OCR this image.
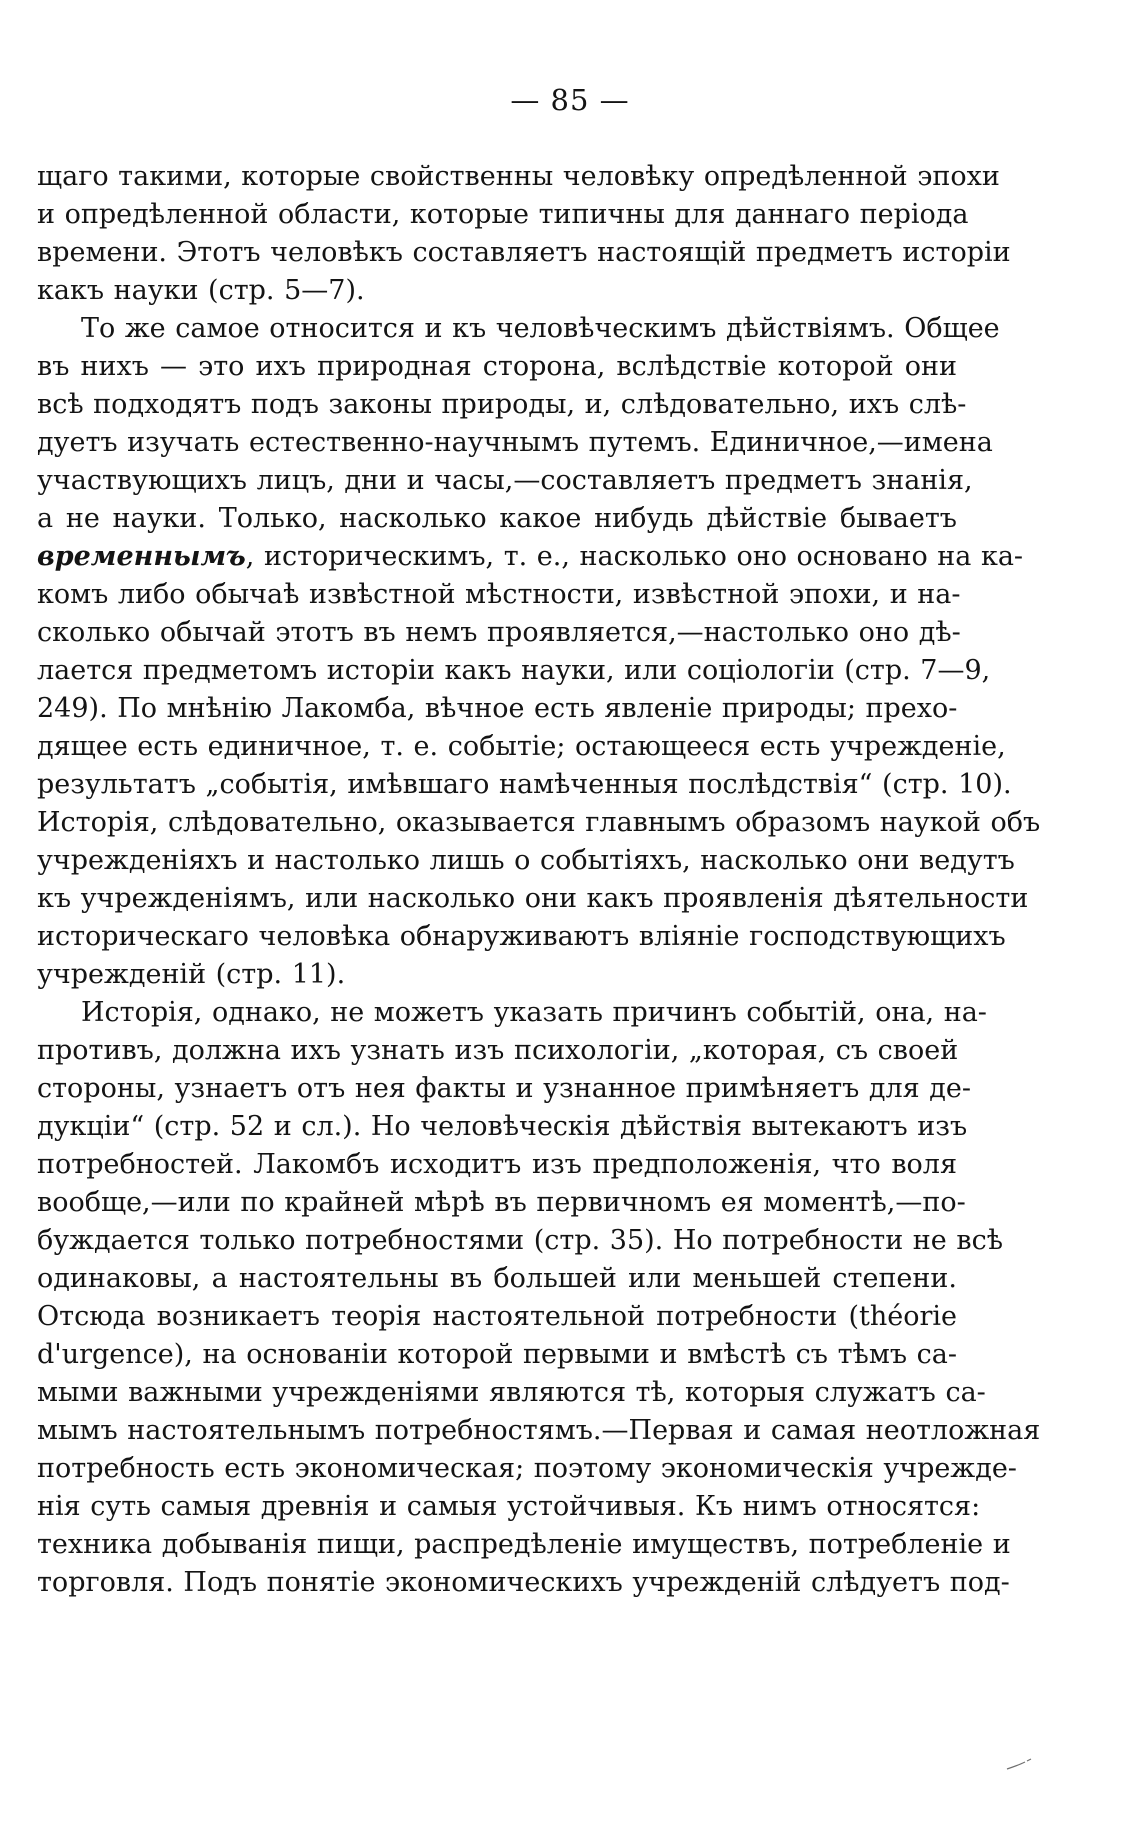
— 85 —
щаго такими, которые свойственны человѣку опредѣленной эпохи
и опредѣленной области, которые типичны для даннаго періода
времени. Этотъ человѣкъ составляетъ настоящій предметъ исторіи
какъ науки (стр. 5—7).
То же самое относится и къ человѣческимъ дѣйствіямъ. Общее
въ нихъ — это ихъ природная сторона, вслѣдствіе которой они
всѣ подходятъ подъ законы природы, и, слѣдовательно, ихъ слѣ-
дуетъ изучать естественно-научнымъ путемъ. Единичное,—имена
участвующихъ лицъ, дни и часы,—составляетъ предметъ знанія,
а не науки. Только, насколько какое нибудь дѣйствіе бываетъ
временнымъ, историческимъ, т. е., насколько оно основано на ка-
комъ либо обычаѣ извѣстной мѣстности, извѣстной эпохи, и на-
сколько обычай этотъ въ немъ проявляется,—настолько оно дѣ-
лается предметомъ исторіи какъ науки, или соціологіи (стр. 7—9,
249). По мнѣнію Лакомба, вѣчное есть явленіе природы; прехо-
дящее есть единичное, т. е. событіе; остающееся есть учрежденіе,
результатъ „событія, имѣвшаго намѣченныя послѣдствія“ (стр. 10).
Исторія, слѣдовательно, оказывается главнымъ образомъ наукой объ
учрежденіяхъ и настолько лишь о событіяхъ, насколько они ведутъ
къ учрежденіямъ, или насколько они какъ проявленія дѣятельности
историческаго человѣка обнаруживаютъ вліяніе господствующихъ
учрежденій (стр. 11).
Исторія, однако, не можетъ указать причинъ событій, она, на-
противъ, должна ихъ узнать изъ психологіи, „которая, съ своей
стороны, узнаетъ отъ нея факты и узнанное примѣняетъ для де-
дукціи“ (стр. 52 и сл.). Но человѣческія дѣйствія вытекаютъ изъ
потребностей. Лакомбъ исходитъ изъ предположенія, что воля
вообще,—или по крайней мѣрѣ въ первичномъ ея моментѣ,—по-
буждается только потребностями (стр. 35). Но потребности не всѣ
одинаковы, а настоятельны въ большей или меньшей степени.
Отсюда возникаетъ теорія настоятельной потребности (théorie
d'urgence), на основаніи которой первыми и вмѣстѣ съ тѣмъ са-
мыми важными учрежденіями являются тѣ, которыя служатъ са-
мымъ настоятельнымъ потребностямъ.—Первая и самая неотложная
потребность есть экономическая; поэтому экономическія учрежде-
нія суть самыя древнія и самыя устойчивыя. Къ нимъ относятся:
техника добыванія пищи, распредѣленіе имуществъ, потребленіе и
торговля. Подъ понятіе экономическихъ учрежденій слѣдуетъ под-
